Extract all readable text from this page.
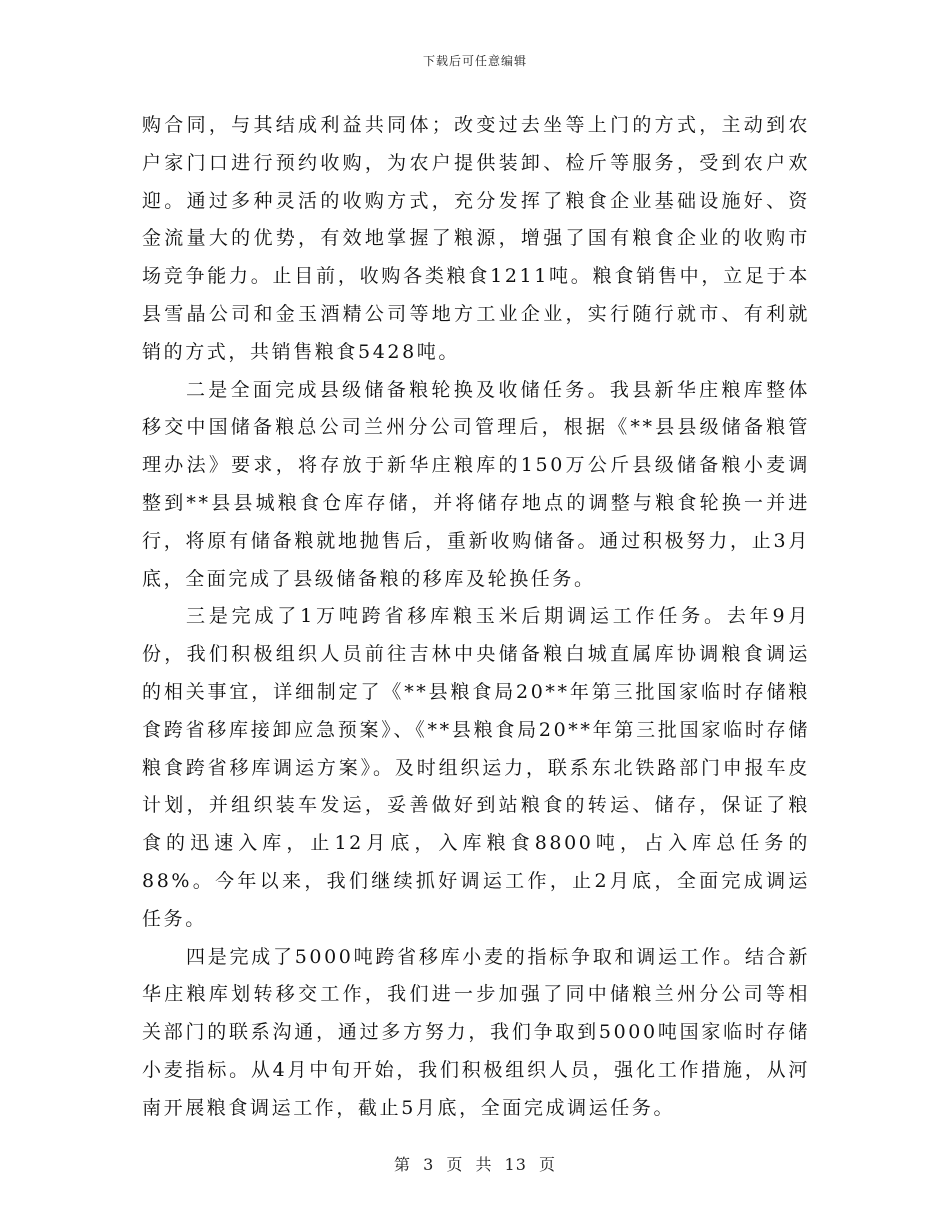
下载后可任意编辑

购合同，与其结成利益共同体；改变过去坐等上门的方式，主动到农户家门口进行预约收购，为农户提供装卸、检斤等服务，受到农户欢迎。通过多种灵活的收购方式，充分发挥了粮食企业基础设施好、资金流量大的优势，有效地掌握了粮源，增强了国有粮食企业的收购市场竞争能力。止目前，收购各类粮食1211吨。粮食销售中，立足于本县雪晶公司和金玉酒精公司等地方工业企业，实行随行就市、有利就销的方式，共销售粮食5428吨。

二是全面完成县级储备粮轮换及收储任务。我县新华庄粮库整体移交中国储备粮总公司兰州分公司管理后，根据《**县县级储备粮管理办法》要求，将存放于新华庄粮库的150万公斤县级储备粮小麦调整到**县县城粮食仓库存储，并将储存地点的调整与粮食轮换一并进行，将原有储备粮就地抛售后，重新收购储备。通过积极努力，止3月底，全面完成了县级储备粮的移库及轮换任务。

三是完成了1万吨跨省移库粮玉米后期调运工作任务。去年9月份，我们积极组织人员前往吉林中央储备粮白城直属库协调粮食调运的相关事宜，详细制定了《**县粮食局20**年第三批国家临时存储粮食跨省移库接卸应急预案》、《**县粮食局20**年第三批国家临时存储粮食跨省移库调运方案》。及时组织运力，联系东北铁路部门申报车皮计划，并组织装车发运，妥善做好到站粮食的转运、储存，保证了粮食的迅速入库，止12月底，入库粮食8800吨，占入库总任务的88%。今年以来，我们继续抓好调运工作，止2月底，全面完成调运任务。

四是完成了5000吨跨省移库小麦的指标争取和调运工作。结合新华庄粮库划转移交工作，我们进一步加强了同中储粮兰州分公司等相关部门的联系沟通，通过多方努力，我们争取到5000吨国家临时存储小麦指标。从4月中旬开始，我们积极组织人员，强化工作措施，从河南开展粮食调运工作，截止5月底，全面完成调运任务。

第 3 页 共 13 页
